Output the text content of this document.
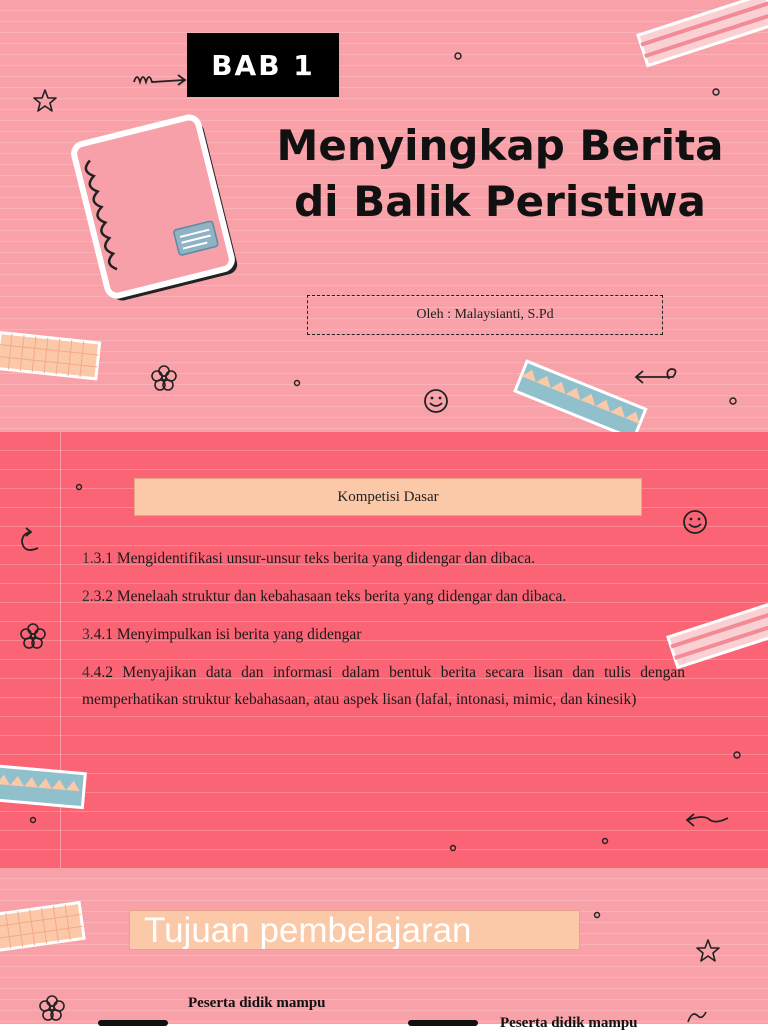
BAB 1
Menyingkap Berita
di Balik Peristiwa
Oleh : Malaysianti, S.Pd
Kompetisi Dasar
1.3.1 Mengidentifikasi unsur-unsur teks berita yang didengar dan dibaca.
2.3.2 Menelaah struktur dan kebahasaan teks berita yang didengar dan dibaca.
3.4.1 Menyimpulkan isi berita yang didengar
4.4.2 Menyajikan data dan informasi dalam bentuk berita secara lisan dan tulis dengan memperhatikan struktur kebahasaan, atau aspek lisan (lafal, intonasi, mimic, dan kinesik)
Tujuan pembelajaran
Peserta didik mampu
Peserta didik mampu
